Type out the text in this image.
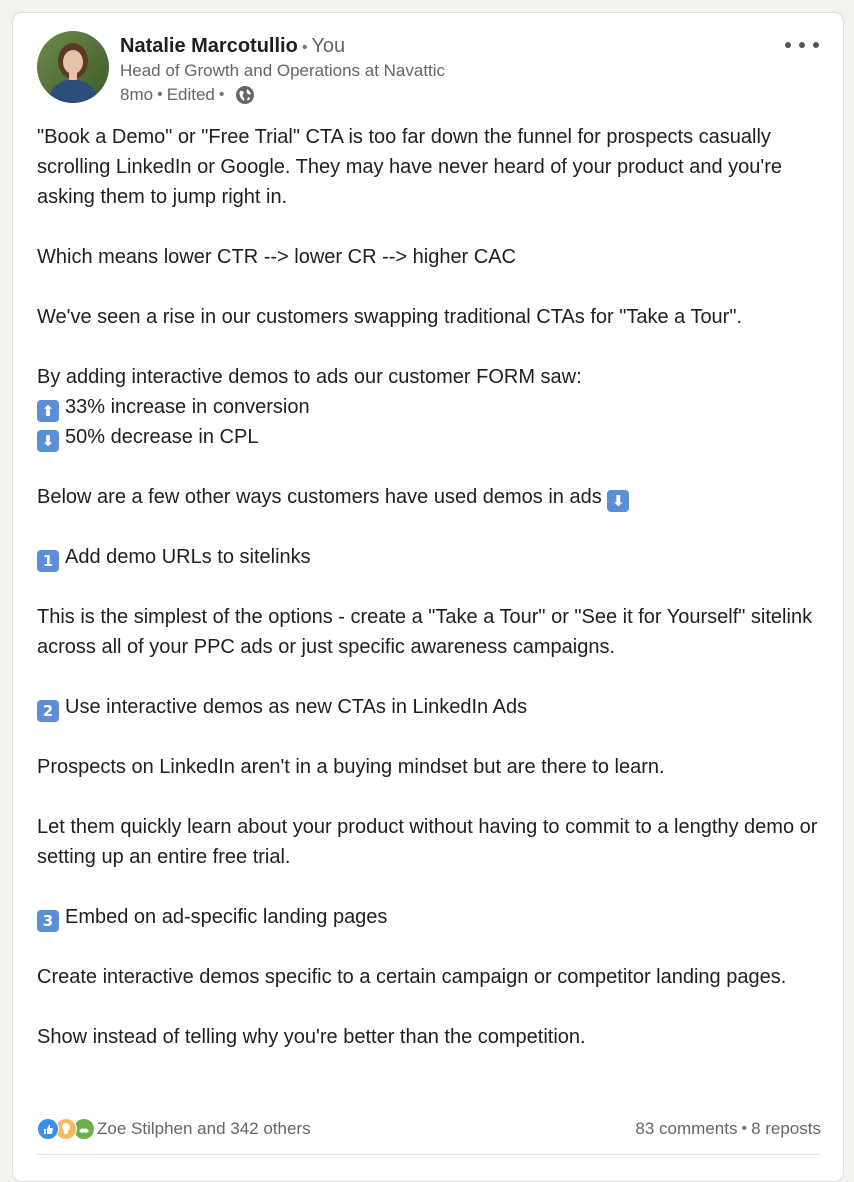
Natalie Marcotullio • You
Head of Growth and Operations at Navattic
8mo • Edited •

"Book a Demo" or "Free Trial" CTA is too far down the funnel for prospects casually scrolling LinkedIn or Google. They may have never heard of your product and you're asking them to jump right in.

Which means lower CTR --> lower CR --> higher CAC

We've seen a rise in our customers swapping traditional CTAs for "Take a Tour".

By adding interactive demos to ads our customer FORM saw:

⬆ 33% increase in conversion

⬇ 50% decrease in CPL

Below are a few other ways customers have used demos in ads ⬇

1 Add demo URLs to sitelinks

This is the simplest of the options - create a "Take a Tour" or "See it for Yourself" sitelink across all of your PPC ads or just specific awareness campaigns.

2 Use interactive demos as new CTAs in LinkedIn Ads

Prospects on LinkedIn aren't in a buying mindset but are there to learn.

Let them quickly learn about your product without having to commit to a lengthy demo or setting up an entire free trial.

3 Embed on ad-specific landing pages

Create interactive demos specific to a certain campaign or competitor landing pages.

Show instead of telling why you're better than the competition.

Zoe Stilphen and 342 others	83 comments • 8 reposts
